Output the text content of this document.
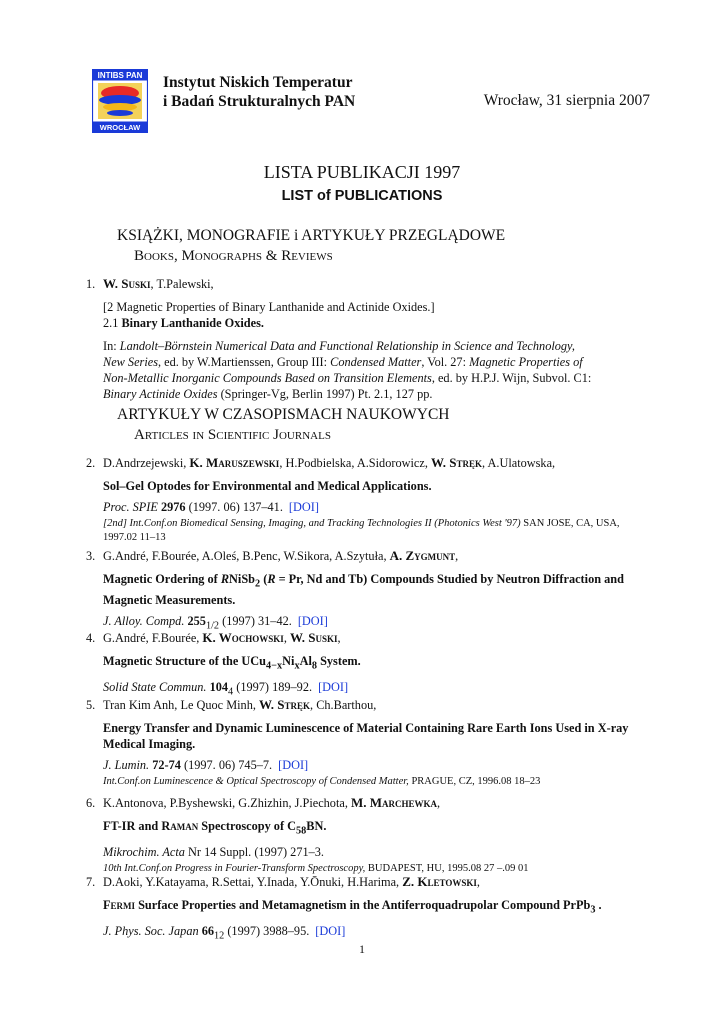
INTIBS PAN
WROCŁAW
Instytut Niskich Temperatur
i Badań Strukturalnych PAN	Wrocław, 31 sierpnia 2007
LISTA PUBLIKACJI 1997
LIST of PUBLICATIONS
KSIĄŻKI, MONOGRAFIE i ARTYKUŁY PRZEGLĄDOWE
Books, Monographs & Reviews
1. W. Suski, T.Palewski,
[2 Magnetic Properties of Binary Lanthanide and Actinide Oxides.]
2.1 Binary Lanthanide Oxides.
In: Landolt–Börnstein Numerical Data and Functional Relationship in Science and Technology,
New Series, ed. by W.Martienssen, Group III: Condensed Matter, Vol. 27: Magnetic Properties of
Non-Metallic Inorganic Compounds Based on Transition Elements, ed. by H.P.J. Wijn, Subvol. C1:
Binary Actinide Oxides (Springer-Vg, Berlin 1997) Pt. 2.1, 127 pp.
ARTYKUŁY W CZASOPISMACH NAUKOWYCH
Articles in Scientific Journals
2. D.Andrzejewski, K. Maruszewski, H.Podbielska, A.Sidorowicz, W. Stręk, A.Ulatowska,
Sol–Gel Optodes for Environmental and Medical Applications.
Proc. SPIE 2976 (1997. 06) 137–41. [DOI]
[2nd] Int.Conf.on Biomedical Sensing, Imaging, and Tracking Technologies II (Photonics West '97) SAN JOSE, CA, USA, 1997.02 11–13
3. G.André, F.Bourée, A.Oleś, B.Penc, W.Sikora, A.Szytuła, A. Zygmunt,
Magnetic Ordering of RNiSb$_2$ (R = Pr, Nd and Tb) Compounds Studied by Neutron Diffraction and Magnetic Measurements.
J. Alloy. Compd. $255_{1/2}$ (1997) 31–42. [DOI]
4. G.André, F.Bourée, K. Wochowski, W. Suski,
Magnetic Structure of the $UCu_{4-x}Ni_xAl_8$ System.
Solid State Commun. $104_4$ (1997) 189–92. [DOI]
5. Tran Kim Anh, Le Quoc Minh, W. Stręk, Ch.Barthou,
Energy Transfer and Dynamic Luminescence of Material Containing Rare Earth Ions Used in X-ray Medical Imaging.
J. Lumin. 72-74 (1997. 06) 745–7. [DOI]
Int.Conf.on Luminescence & Optical Spectroscopy of Condensed Matter, PRAGUE, CZ, 1996.08 18–23
6. K.Antonova, P.Byshewski, G.Zhizhin, J.Piechota, M. Marchewka,
FT-IR and Raman Spectroscopy of $C_{58}BN$.
Mikrochim. Acta Nr 14 Suppl. (1997) 271–3.
10th Int.Conf.on Progress in Fourier-Transform Spectroscopy, BUDAPEST, HU, 1995.08 27 –.09 01
7. D.Aoki, Y.Katayama, R.Settai, Y.Inada, Y.Ōnuki, H.Harima, Z. Kletowski,
Fermi Surface Properties and Metamagnetism in the Antiferroquadrupolar Compound PrPb$_3$ .
J. Phys. Soc. Japan $66_{12}$ (1997) 3988–95. [DOI]
1
